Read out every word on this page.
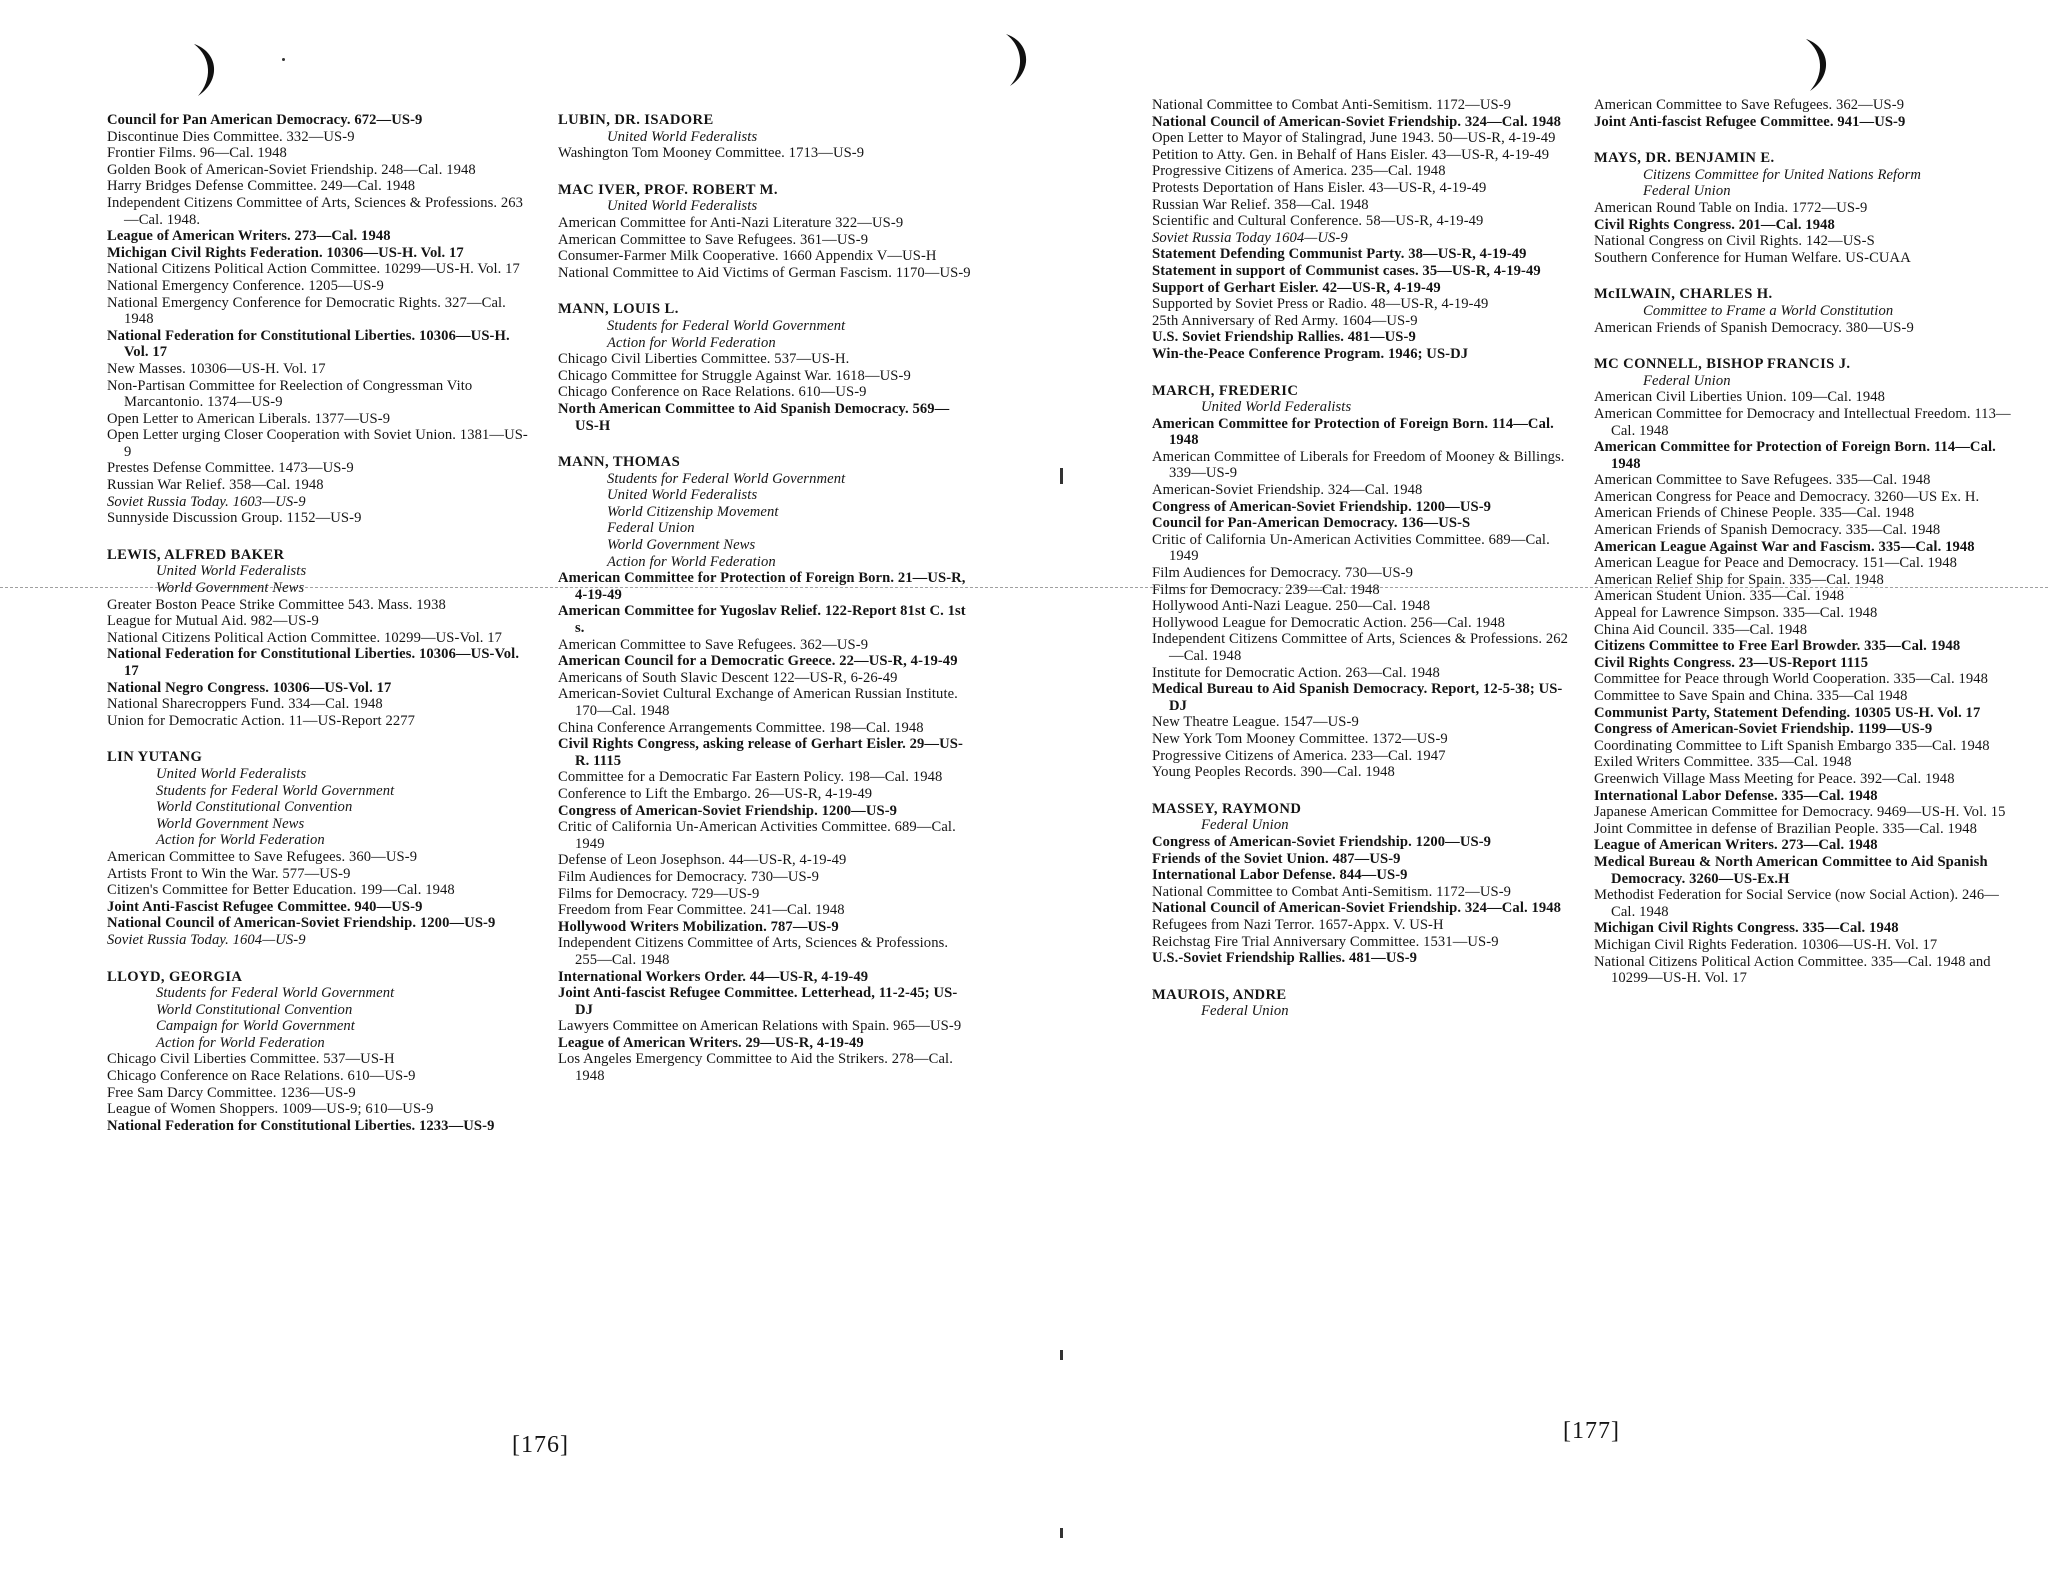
Council for Pan American Democracy. 672—US-9
Discontinue Dies Committee. 332—US-9
Frontier Films. 96—Cal. 1948
Golden Book of American-Soviet Friendship. 248—Cal. 1948
Harry Bridges Defense Committee. 249—Cal. 1948
Independent Citizens Committee of Arts, Sciences & Professions. 263—Cal. 1948.
League of American Writers. 273—Cal. 1948
Michigan Civil Rights Federation. 10306—US-H. Vol. 17
National Citizens Political Action Committee. 10299—US-H. Vol. 17
National Emergency Conference. 1205—US-9
National Emergency Conference for Democratic Rights. 327—Cal. 1948
National Federation for Constitutional Liberties. 10306—US-H. Vol. 17
New Masses. 10306—US-H. Vol. 17
Non-Partisan Committee for Reelection of Congressman Vito Marcantonio. 1374—US-9
Open Letter to American Liberals. 1377—US-9
Open Letter urging Closer Cooperation with Soviet Union. 1381—US-9
Prestes Defense Committee. 1473—US-9
Russian War Relief. 358—Cal. 1948
Soviet Russia Today. 1603—US-9
Sunnyside Discussion Group. 1152—US-9
LEWIS, ALFRED BAKER
United World Federalists
World Government News
Greater Boston Peace Strike Committee 543. Mass. 1938
League for Mutual Aid. 982—US-9
National Citizens Political Action Committee. 10299—US-Vol. 17
National Federation for Constitutional Liberties. 10306—US-Vol. 17
National Negro Congress. 10306—US-Vol. 17
National Sharecroppers Fund. 334—Cal. 1948
Union for Democratic Action. 11—US-Report 2277
LIN YUTANG
United World Federalists
Students for Federal World Government
World Constitutional Convention
World Government News
Action for World Federation
American Committee to Save Refugees. 360—US-9
Artists Front to Win the War. 577—US-9
Citizen's Committee for Better Education. 199—Cal. 1948
Joint Anti-Fascist Refugee Committee. 940—US-9
National Council of American-Soviet Friendship. 1200—US-9
Soviet Russia Today. 1604—US-9
LLOYD, GEORGIA
Students for Federal World Government
World Constitutional Convention
Campaign for World Government
Action for World Federation
Chicago Civil Liberties Committee. 537—US-H
Chicago Conference on Race Relations. 610—US-9
Free Sam Darcy Committee. 1236—US-9
League of Women Shoppers. 1009—US-9; 610—US-9
National Federation for Constitutional Liberties. 1233—US-9
LUBIN, DR. ISADORE
United World Federalists
Washington Tom Mooney Committee. 1713—US-9
MAC IVER, PROF. ROBERT M.
United World Federalists
American Committee for Anti-Nazi Literature 322—US-9
American Committee to Save Refugees. 361—US-9
Consumer-Farmer Milk Cooperative. 1660 Appendix V—US-H
National Committee to Aid Victims of German Fascism. 1170—US-9
MANN, LOUIS L.
Students for Federal World Government
Action for World Federation
Chicago Civil Liberties Committee. 537—US-H.
Chicago Committee for Struggle Against War. 1618—US-9
Chicago Conference on Race Relations. 610—US-9
North American Committee to Aid Spanish Democracy. 569—US-H
MANN, THOMAS
Students for Federal World Government
United World Federalists
World Citizenship Movement
Federal Union
World Government News
Action for World Federation
American Committee for Protection of Foreign Born. 21—US-R, 4-19-49
American Committee for Yugoslav Relief. 122-Report 81st C. 1st s.
American Committee to Save Refugees. 362—US-9
American Council for a Democratic Greece. 22—US-R, 4-19-49
Americans of South Slavic Descent 122—US-R, 6-26-49
American-Soviet Cultural Exchange of American Russian Institute. 170—Cal. 1948
China Conference Arrangements Committee. 198—Cal. 1948
Civil Rights Congress, asking release of Gerhart Eisler. 29—US-R. 1115
Committee for a Democratic Far Eastern Policy. 198—Cal. 1948
Conference to Lift the Embargo. 26—US-R, 4-19-49
Congress of American-Soviet Friendship. 1200—US-9
Critic of California Un-American Activities Committee. 689—Cal. 1949
Defense of Leon Josephson. 44—US-R, 4-19-49
Film Audiences for Democracy. 730—US-9
Films for Democracy. 729—US-9
Freedom from Fear Committee. 241—Cal. 1948
Hollywood Writers Mobilization. 787—US-9
Independent Citizens Committee of Arts, Sciences & Professions. 255—Cal. 1948
International Workers Order. 44—US-R, 4-19-49
Joint Anti-fascist Refugee Committee. Letterhead, 11-2-45; US-DJ
Lawyers Committee on American Relations with Spain. 965—US-9
League of American Writers. 29—US-R, 4-19-49
Los Angeles Emergency Committee to Aid the Strikers. 278—Cal. 1948
National Committee to Combat Anti-Semitism. 1172—US-9
National Council of American-Soviet Friendship. 324—Cal. 1948
Open Letter to Mayor of Stalingrad, June 1943. 50—US-R, 4-19-49
Petition to Atty. Gen. in Behalf of Hans Eisler. 43—US-R, 4-19-49
Progressive Citizens of America. 235—Cal. 1948
Protests Deportation of Hans Eisler. 43—US-R, 4-19-49
Russian War Relief. 358—Cal. 1948
Scientific and Cultural Conference. 58—US-R, 4-19-49
Soviet Russia Today 1604—US-9
Statement Defending Communist Party. 38—US-R, 4-19-49
Statement in support of Communist cases. 35—US-R, 4-19-49
Support of Gerhart Eisler. 42—US-R, 4-19-49
Supported by Soviet Press or Radio. 48—US-R, 4-19-49
25th Anniversary of Red Army. 1604—US-9
U.S. Soviet Friendship Rallies. 481—US-9
Win-the-Peace Conference Program. 1946; US-DJ
MARCH, FREDERIC
United World Federalists
American Committee for Protection of Foreign Born. 114—Cal. 1948
American Committee of Liberals for Freedom of Mooney & Billings. 339—US-9
American-Soviet Friendship. 324—Cal. 1948
Congress of American-Soviet Friendship. 1200—US-9
Council for Pan-American Democracy. 136—US-S
Critic of California Un-American Activities Committee. 689—Cal. 1949
Film Audiences for Democracy. 730—US-9
Films for Democracy. 239—Cal. 1948
Hollywood Anti-Nazi League. 250—Cal. 1948
Hollywood League for Democratic Action. 256—Cal. 1948
Independent Citizens Committee of Arts, Sciences & Professions. 262—Cal. 1948
Institute for Democratic Action. 263—Cal. 1948
Medical Bureau to Aid Spanish Democracy. Report, 12-5-38; US-DJ
New Theatre League. 1547—US-9
New York Tom Mooney Committee. 1372—US-9
Progressive Citizens of America. 233—Cal. 1947
Young Peoples Records. 390—Cal. 1948
MASSEY, RAYMOND
Federal Union
Congress of American-Soviet Friendship. 1200—US-9
Friends of the Soviet Union. 487—US-9
International Labor Defense. 844—US-9
National Committee to Combat Anti-Semitism. 1172—US-9
National Council of American-Soviet Friendship. 324—Cal. 1948
Refugees from Nazi Terror. 1657-Appx. V. US-H
Reichstag Fire Trial Anniversary Committee. 1531—US-9
U.S.-Soviet Friendship Rallies. 481—US-9
MAUROIS, ANDRE
Federal Union
American Committee to Save Refugees. 362—US-9
Joint Anti-fascist Refugee Committee. 941—US-9
MAYS, DR. BENJAMIN E.
Citizens Committee for United Nations Reform
Federal Union
American Round Table on India. 1772—US-9
Civil Rights Congress. 201—Cal. 1948
National Congress on Civil Rights. 142—US-S
Southern Conference for Human Welfare. US-CUAA
McILWAIN, CHARLES H.
Committee to Frame a World Constitution
American Friends of Spanish Democracy. 380—US-9
MC CONNELL, BISHOP FRANCIS J.
Federal Union
American Civil Liberties Union. 109—Cal. 1948
American Committee for Democracy and Intellectual Freedom. 113—Cal. 1948
American Committee for Protection of Foreign Born. 114—Cal. 1948
American Committee to Save Refugees. 335—Cal. 1948
American Congress for Peace and Democracy. 3260—US Ex. H.
American Friends of Chinese People. 335—Cal. 1948
American Friends of Spanish Democracy. 335—Cal. 1948
American League Against War and Fascism. 335—Cal. 1948
American League for Peace and Democracy. 151—Cal. 1948
American Relief Ship for Spain. 335—Cal. 1948
American Student Union. 335—Cal. 1948
Appeal for Lawrence Simpson. 335—Cal. 1948
China Aid Council. 335—Cal. 1948
Citizens Committee to Free Earl Browder. 335—Cal. 1948
Civil Rights Congress. 23—US-Report 1115
Committee for Peace through World Cooperation. 335—Cal. 1948
Committee to Save Spain and China. 335—Cal 1948
Communist Party, Statement Defending. 10305 US-H. Vol. 17
Congress of American-Soviet Friendship. 1199—US-9
Coordinating Committee to Lift Spanish Embargo 335—Cal. 1948
Exiled Writers Committee. 335—Cal. 1948
Greenwich Village Mass Meeting for Peace. 392—Cal. 1948
International Labor Defense. 335—Cal. 1948
Japanese American Committee for Democracy. 9469—US-H. Vol. 15
Joint Committee in defense of Brazilian People. 335—Cal. 1948
League of American Writers. 273—Cal. 1948
Medical Bureau & North American Committee to Aid Spanish Democracy. 3260—US-Ex.H
Methodist Federation for Social Service (now Social Action). 246—Cal. 1948
Michigan Civil Rights Congress. 335—Cal. 1948
Michigan Civil Rights Federation. 10306—US-H. Vol. 17
National Citizens Political Action Committee. 335—Cal. 1948 and 10299—US-H. Vol. 17
[176]
[177]
